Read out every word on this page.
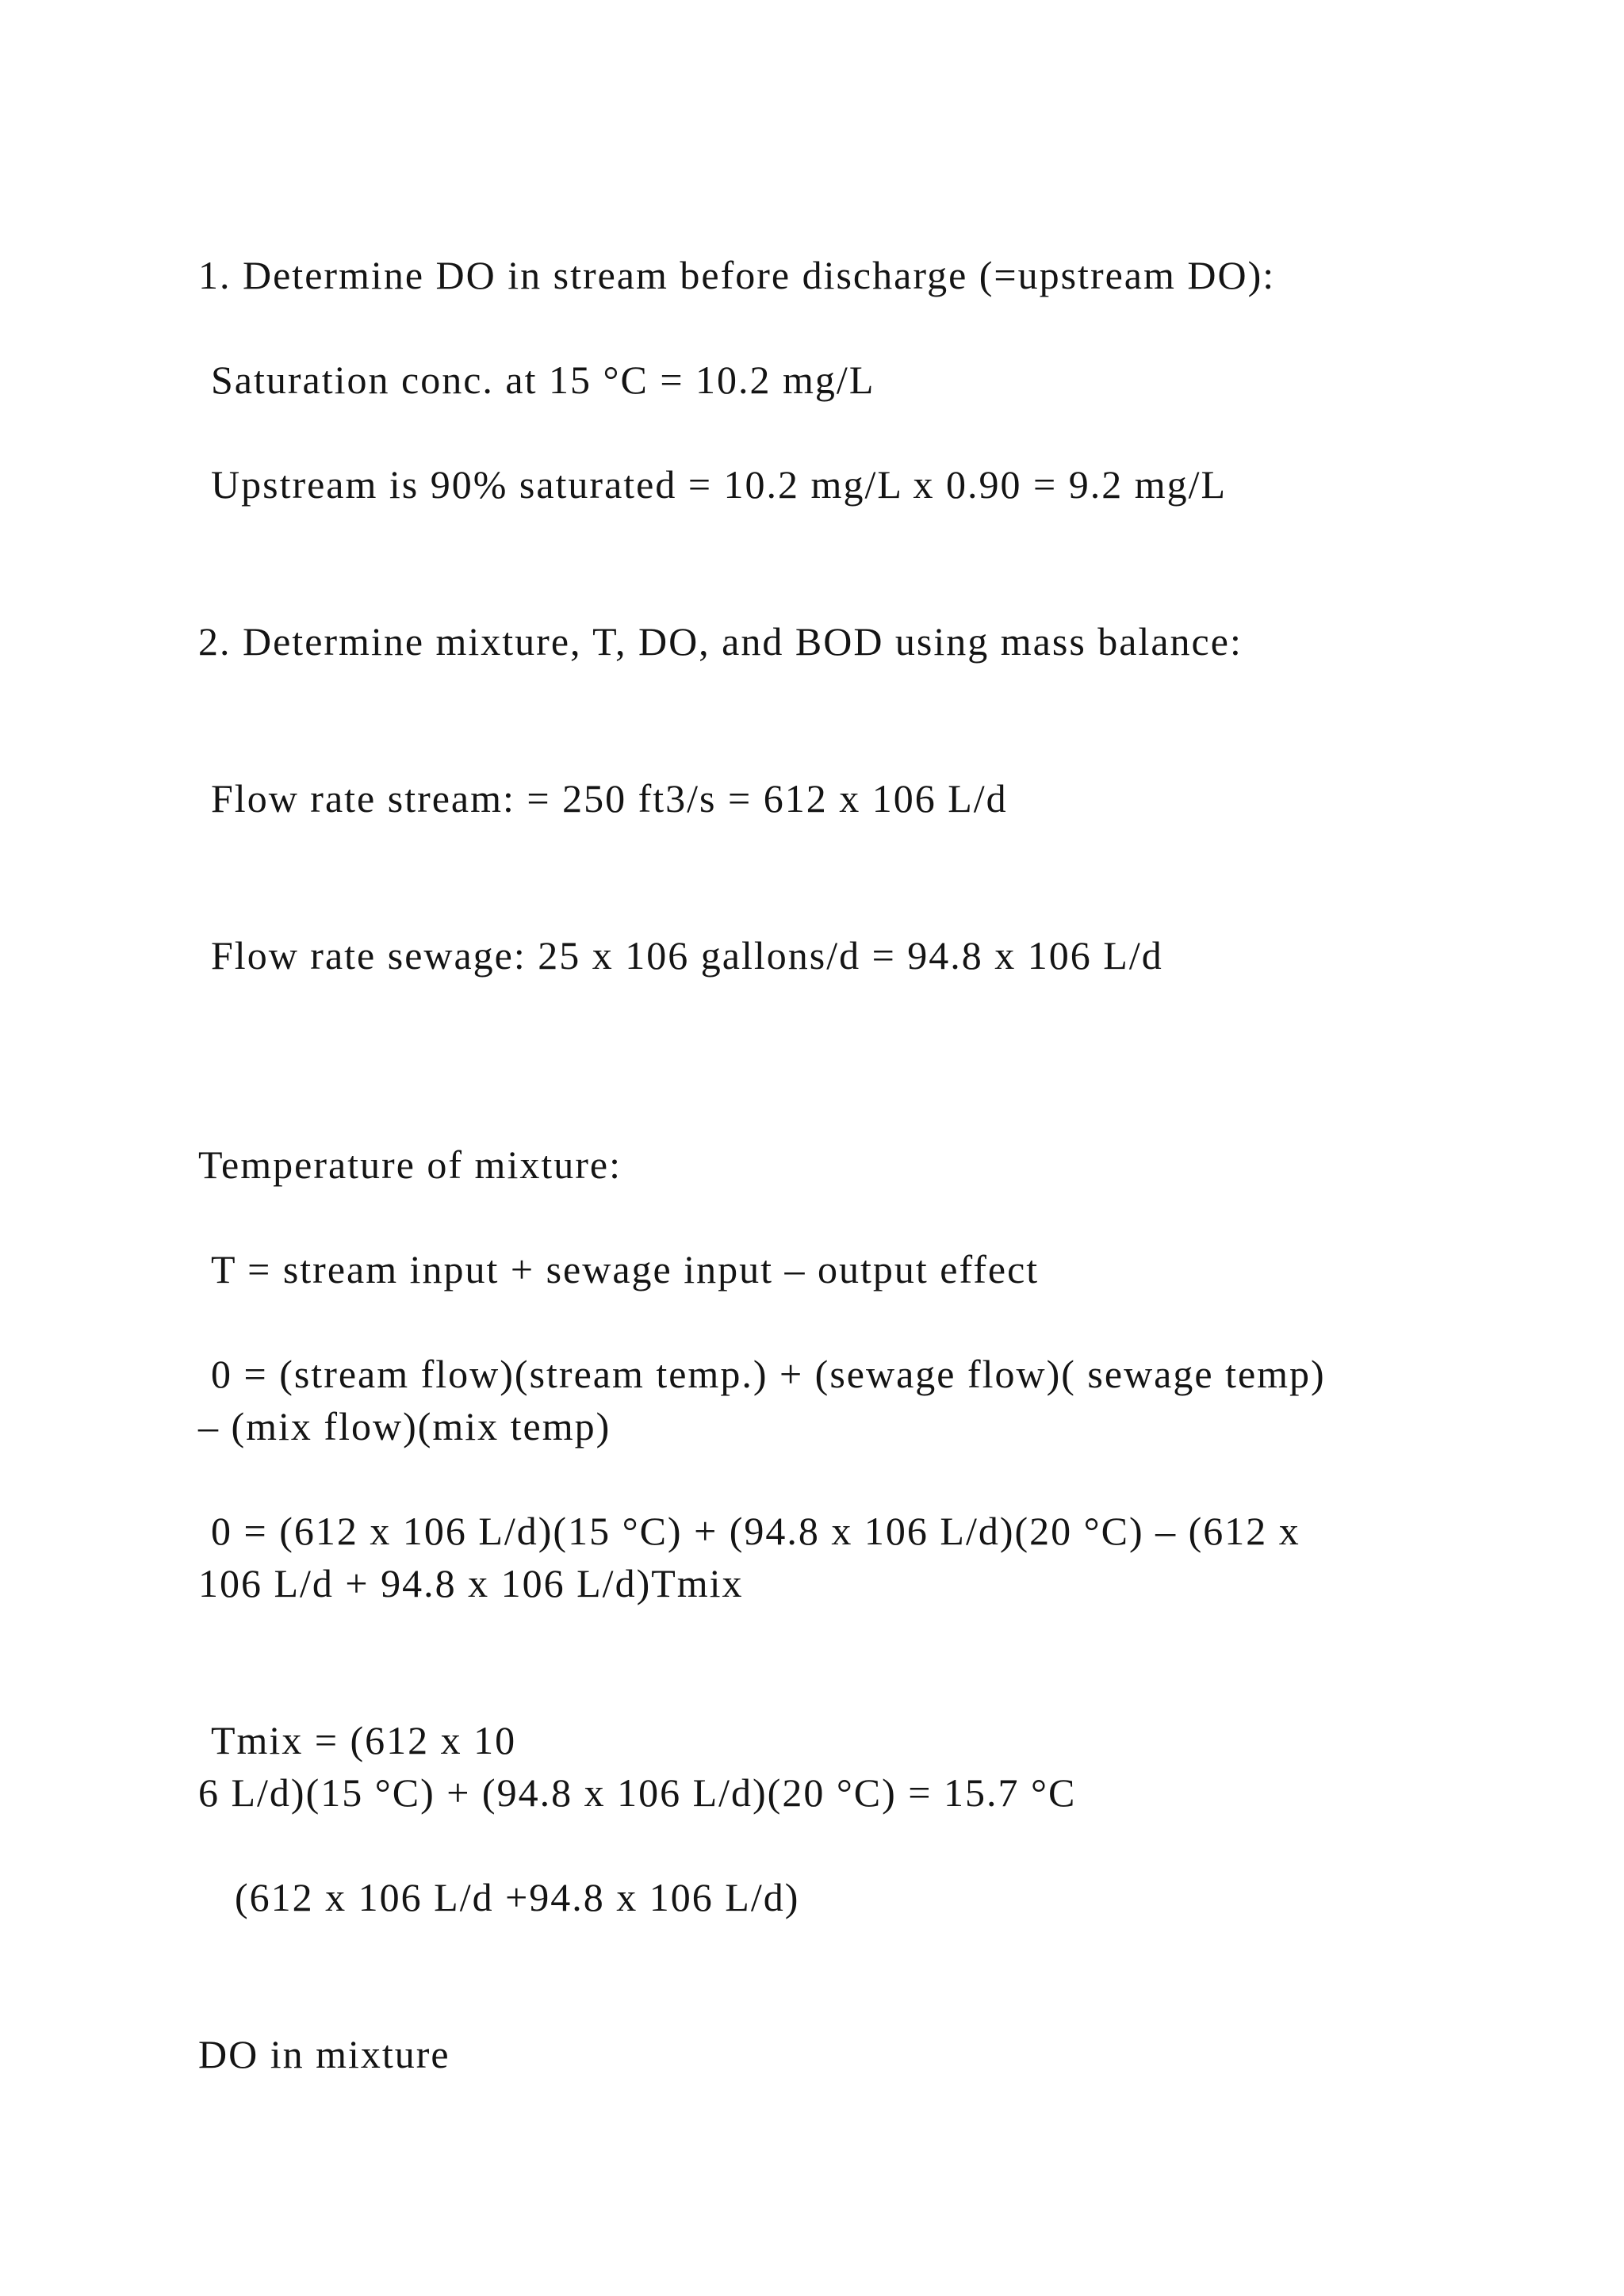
1. Determine DO in stream before discharge (=upstream DO):
Saturation conc. at 15 °C = 10.2 mg/L
Upstream is 90% saturated = 10.2 mg/L x 0.90 = 9.2 mg/L
2. Determine mixture, T, DO, and BOD using mass balance:
Flow rate stream: = 250 ft3/s = 612 x 106 L/d
Flow rate sewage: 25 x 106 gallons/d = 94.8 x 106 L/d
Temperature of mixture:
T = stream input + sewage input – output effect
0 = (stream flow)(stream temp.) + (sewage flow)( sewage temp)
– (mix flow)(mix temp)
0 = (612 x 106 L/d)(15 °C) + (94.8 x 106 L/d)(20 °C) – (612 x
106 L/d + 94.8 x 106 L/d)Tmix
Tmix = (612 x 10
6 L/d)(15 °C) + (94.8 x 106 L/d)(20 °C) = 15.7 °C
(612 x 106 L/d +94.8 x 106 L/d)
DO in mixture
